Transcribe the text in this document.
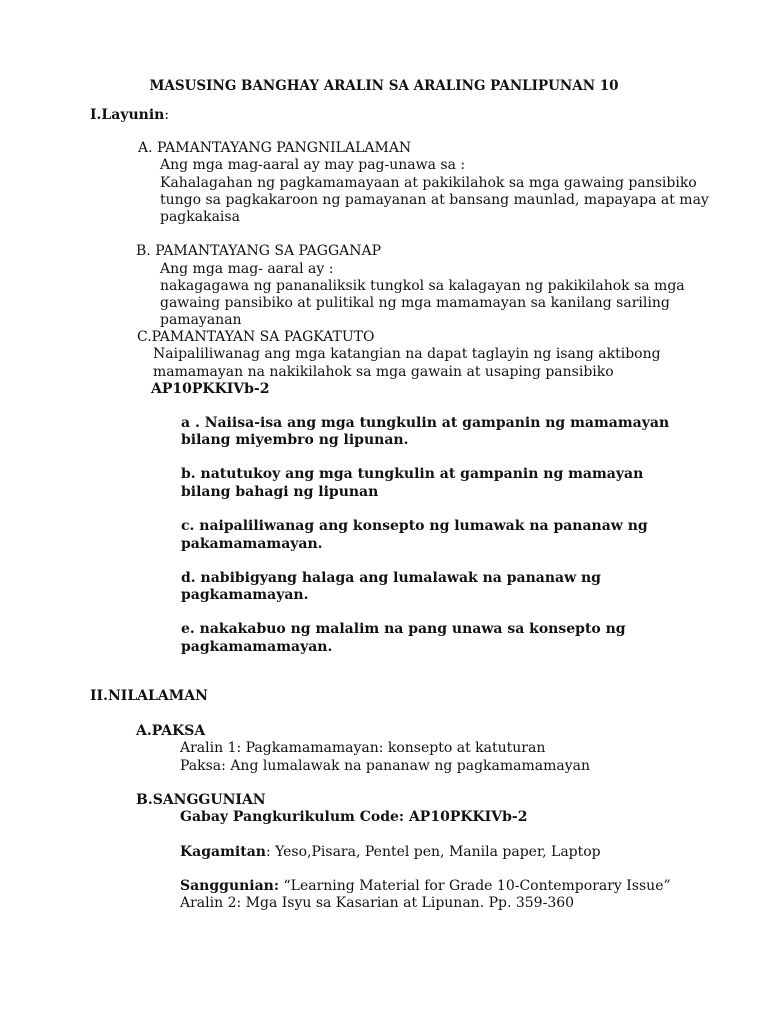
MASUSING BANGHAY ARALIN SA ARALING PANLIPUNAN 10
I.Layunin:
A. PAMANTAYANG PANGNILALAMAN
Ang mga mag-aaral ay may pag-unawa sa :
Kahalagahan ng pagkamamayaan at pakikilahok sa mga gawaing pansibiko
tungo sa pagkakaroon ng pamayanan at bansang maunlad, mapayapa at may
pagkakaisa
B. PAMANTAYANG SA PAGGANAP
Ang mga mag- aaral ay :
nakagagawa ng pananaliksik tungkol sa kalagayan ng pakikilahok sa mga
gawaing pansibiko at pulitikal ng mga mamamayan sa kanilang sariling
pamayanan
C.PAMANTAYAN SA PAGKATUTO
Naipaliliwanag ang mga katangian na dapat taglayin ng isang aktibong
mamamayan na nakikilahok sa mga gawain at usaping pansibiko
AP10PKKIVb-2
a . Naiisa-isa ang mga tungkulin at gampanin ng mamamayan
bilang miyembro ng lipunan.
b. natutukoy ang mga tungkulin at gampanin ng mamayan
bilang bahagi ng lipunan
c. naipaliliwanag ang konsepto ng lumawak na pananaw ng
pakamamamayan.
d. nabibigyang halaga ang lumalawak na pananaw ng
pagkamamayan.
e. nakakabuo ng malalim na pang unawa sa konsepto ng
pagkamamamayan.
II.NILALAMAN
A.PAKSA
Aralin 1: Pagkamamamayan: konsepto at katuturan
Paksa: Ang lumalawak na pananaw ng pagkamamamayan
B.SANGGUNIAN
Gabay Pangkurikulum Code: AP10PKKIVb-2
Kagamitan: Yeso,Pisara, Pentel pen, Manila paper, Laptop
Sanggunian: “Learning Material for Grade 10-Contemporary Issue”
Aralin 2: Mga Isyu sa Kasarian at Lipunan. Pp. 359-360
